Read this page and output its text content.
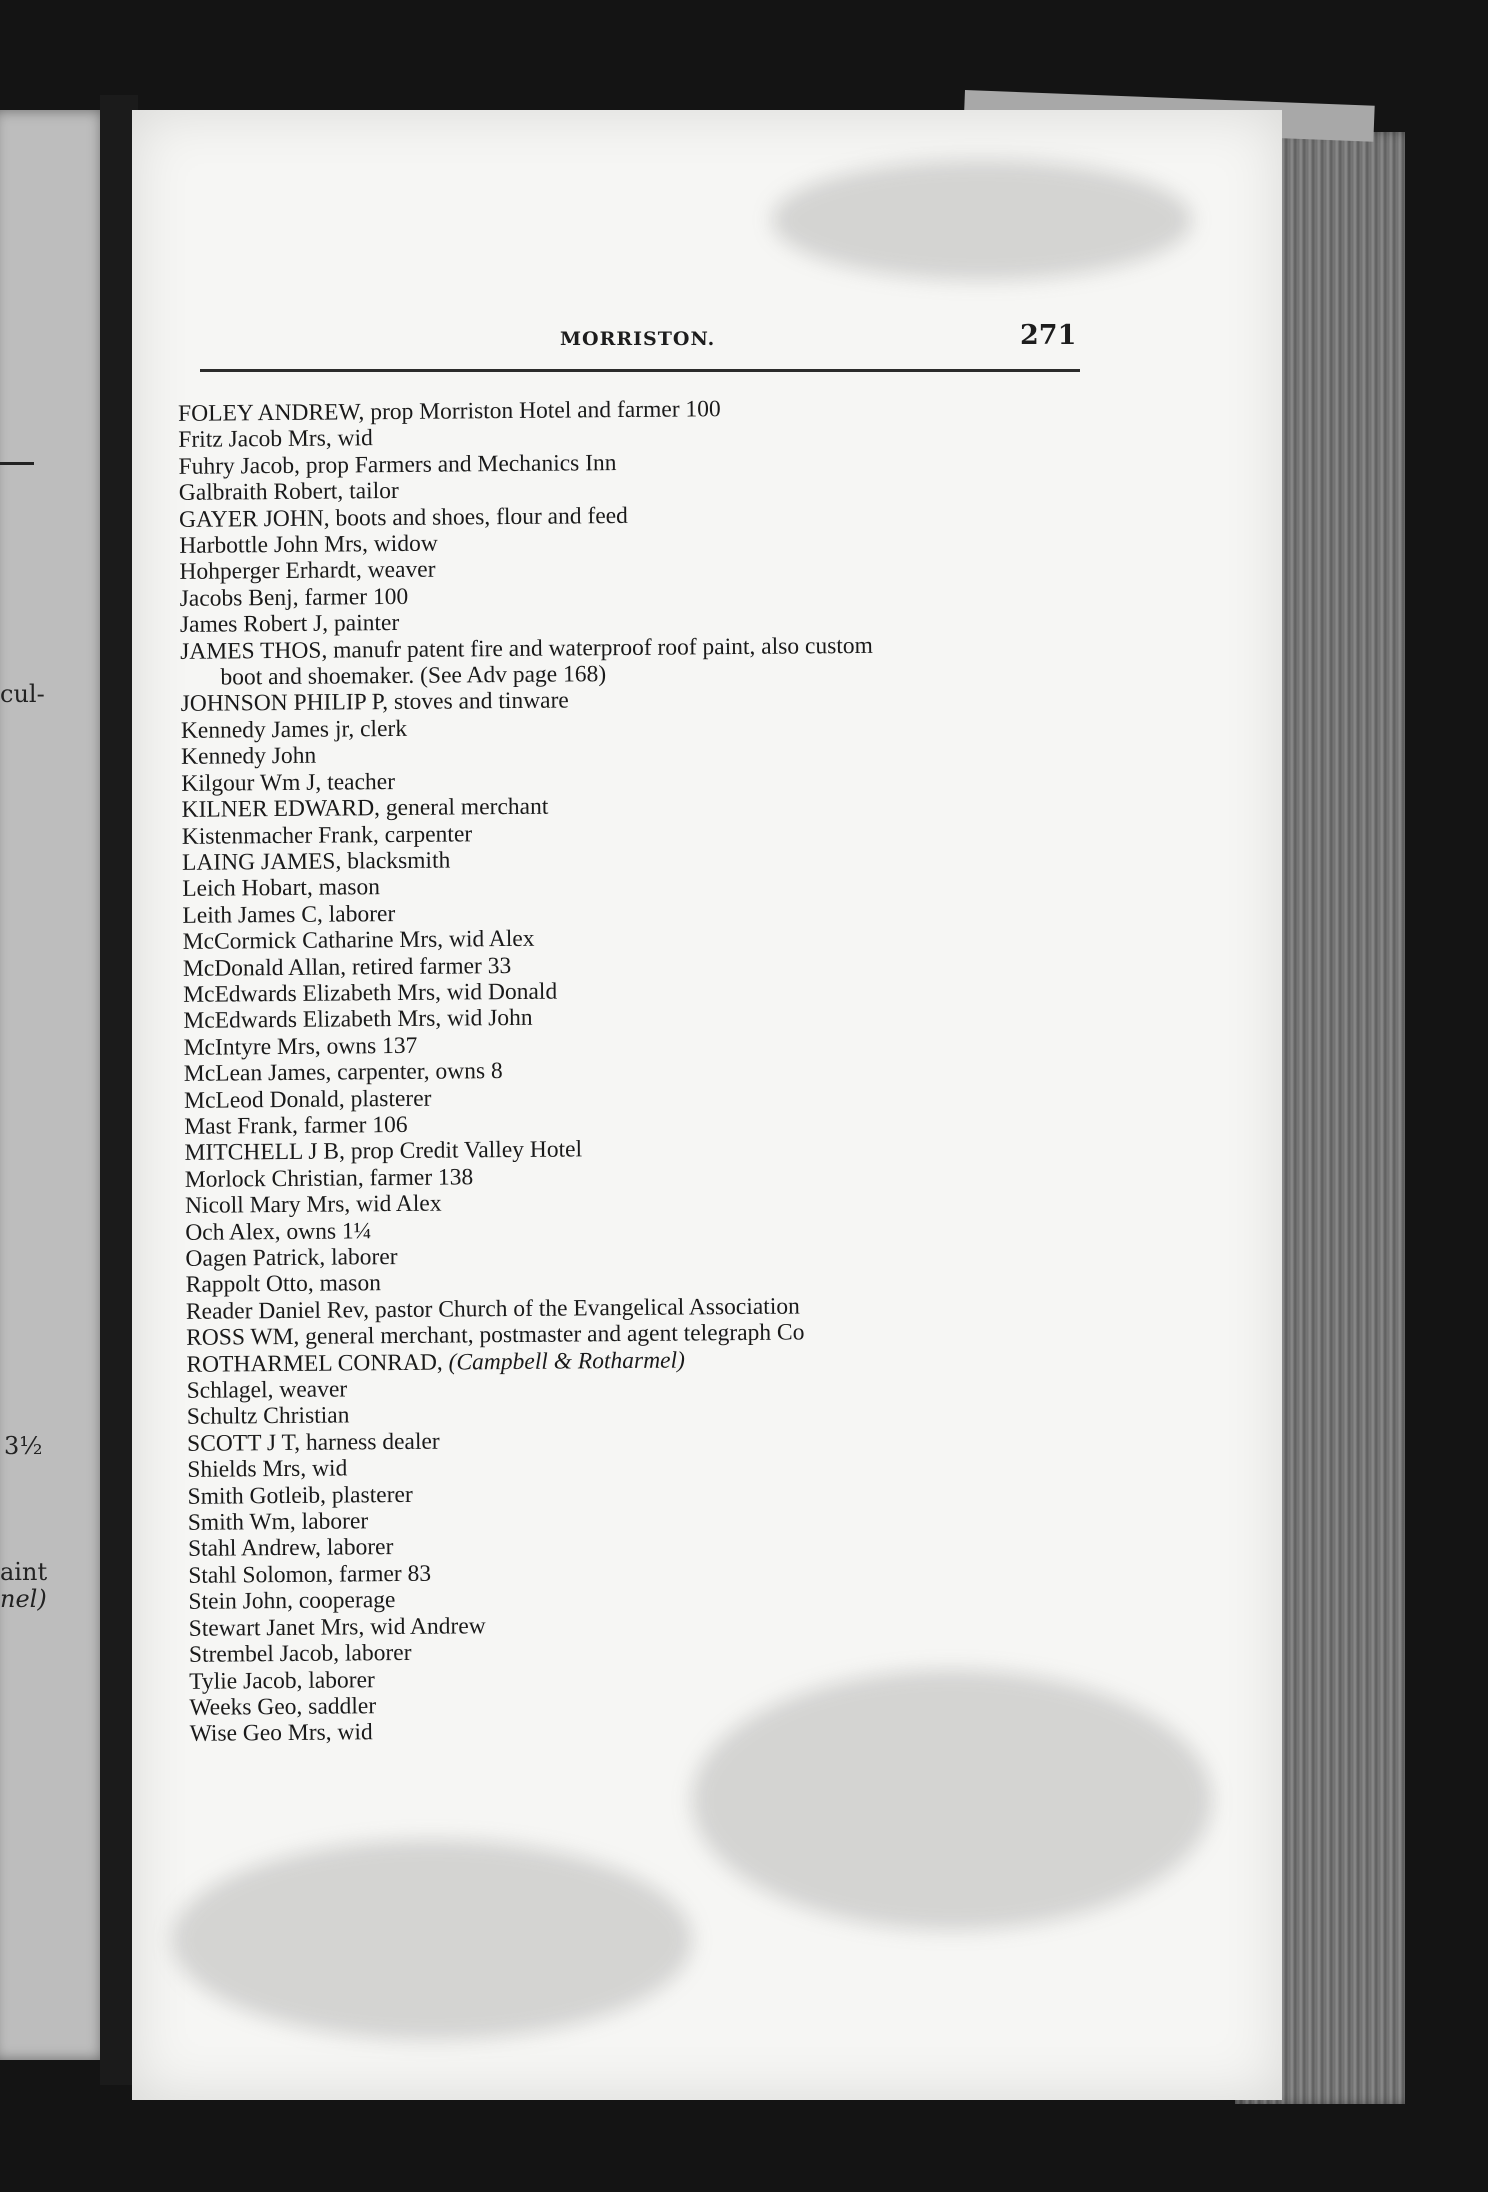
cul-
3½
aint
nel)
MORRISTON.	271
FOLEY ANDREW, prop Morriston Hotel and farmer 100
Fritz Jacob Mrs, wid
Fuhry Jacob, prop Farmers and Mechanics Inn
Galbraith Robert, tailor
GAYER JOHN, boots and shoes, flour and feed
Harbottle John Mrs, widow
Hohperger Erhardt, weaver
Jacobs Benj, farmer 100
James Robert J, painter
JAMES THOS, manufr patent fire and waterproof roof paint, also custom
boot and shoemaker. (See Adv page 168)
JOHNSON PHILIP P, stoves and tinware
Kennedy James jr, clerk
Kennedy John
Kilgour Wm J, teacher
KILNER EDWARD, general merchant
Kistenmacher Frank, carpenter
LAING JAMES, blacksmith
Leich Hobart, mason
Leith James C, laborer
McCormick Catharine Mrs, wid Alex
McDonald Allan, retired farmer 33
McEdwards Elizabeth Mrs, wid Donald
McEdwards Elizabeth Mrs, wid John
McIntyre Mrs, owns 137
McLean James, carpenter, owns 8
McLeod Donald, plasterer
Mast Frank, farmer 106
MITCHELL J B, prop Credit Valley Hotel
Morlock Christian, farmer 138
Nicoll Mary Mrs, wid Alex
Och Alex, owns 1¼
Oagen Patrick, laborer
Rappolt Otto, mason
Reader Daniel Rev, pastor Church of the Evangelical Association
ROSS WM, general merchant, postmaster and agent telegraph Co
ROTHARMEL CONRAD, (Campbell & Rotharmel)
Schlagel, weaver
Schultz Christian
SCOTT J T, harness dealer
Shields Mrs, wid
Smith Gotleib, plasterer
Smith Wm, laborer
Stahl Andrew, laborer
Stahl Solomon, farmer 83
Stein John, cooperage
Stewart Janet Mrs, wid Andrew
Strembel Jacob, laborer
Tylie Jacob, laborer
Weeks Geo, saddler
Wise Geo Mrs, wid
